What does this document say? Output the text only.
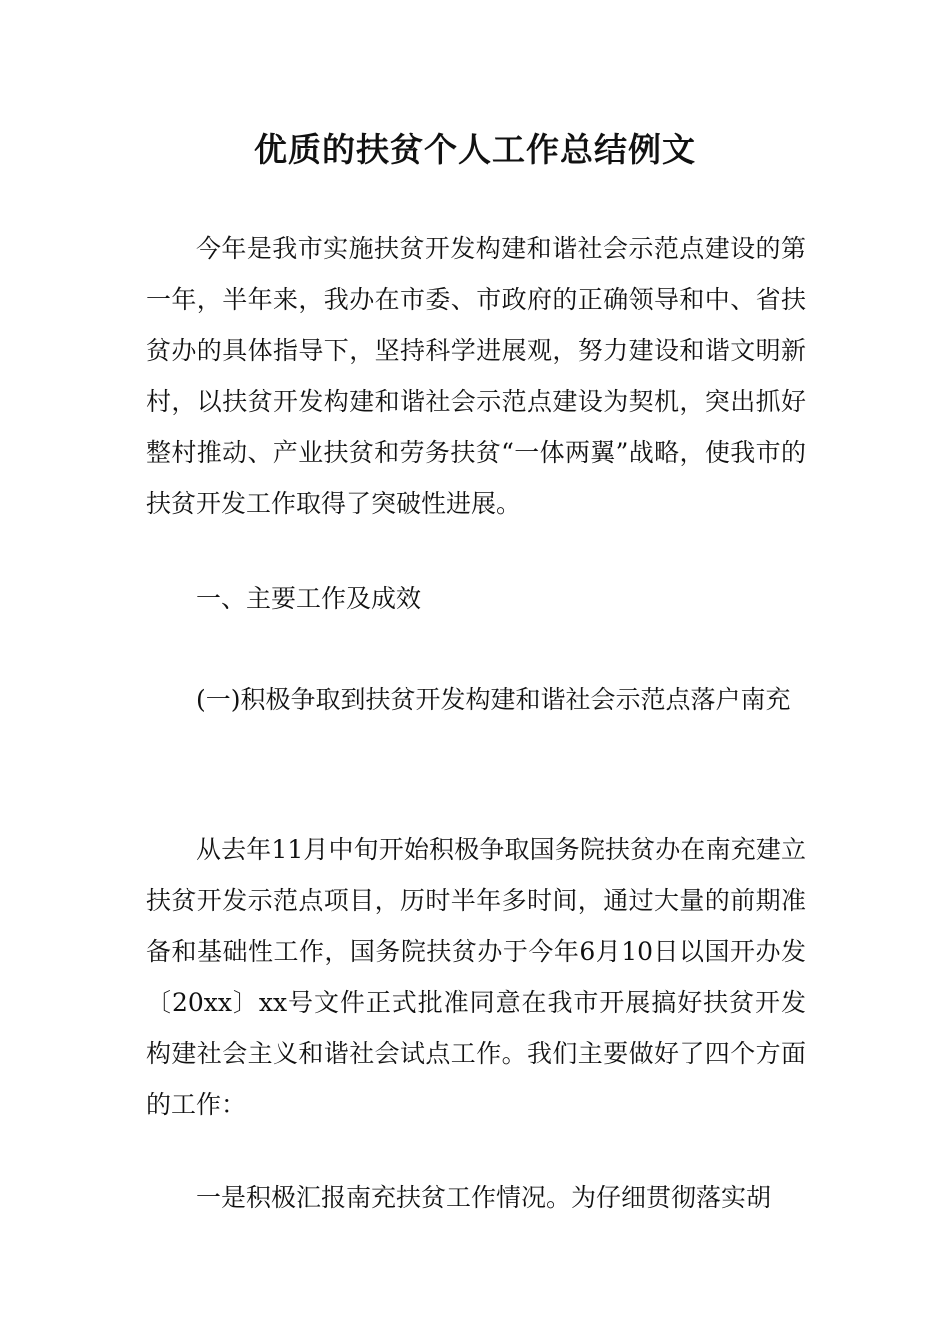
优质的扶贫个人工作总结例文

今年是我市实施扶贫开发构建和谐社会示范点建设的第一年，半年来，我办在市委、市政府的正确领导和中、省扶贫办的具体指导下，坚持科学进展观，努力建设和谐文明新村，以扶贫开发构建和谐社会示范点建设为契机，突出抓好整村推动、产业扶贫和劳务扶贫“一体两翼”战略，使我市的扶贫开发工作取得了突破性进展。

一、主要工作及成效

(一)积极争取到扶贫开发构建和谐社会示范点落户南充

从去年11月中旬开始积极争取国务院扶贫办在南充建立扶贫开发示范点项目，历时半年多时间，通过大量的前期准备和基础性工作，国务院扶贫办于今年6月10日以国开办发〔20xx〕xx号文件正式批准同意在我市开展搞好扶贫开发构建社会主义和谐社会试点工作。我们主要做好了四个方面的工作：

一是积极汇报南充扶贫工作情况。为仔细贯彻落实胡
